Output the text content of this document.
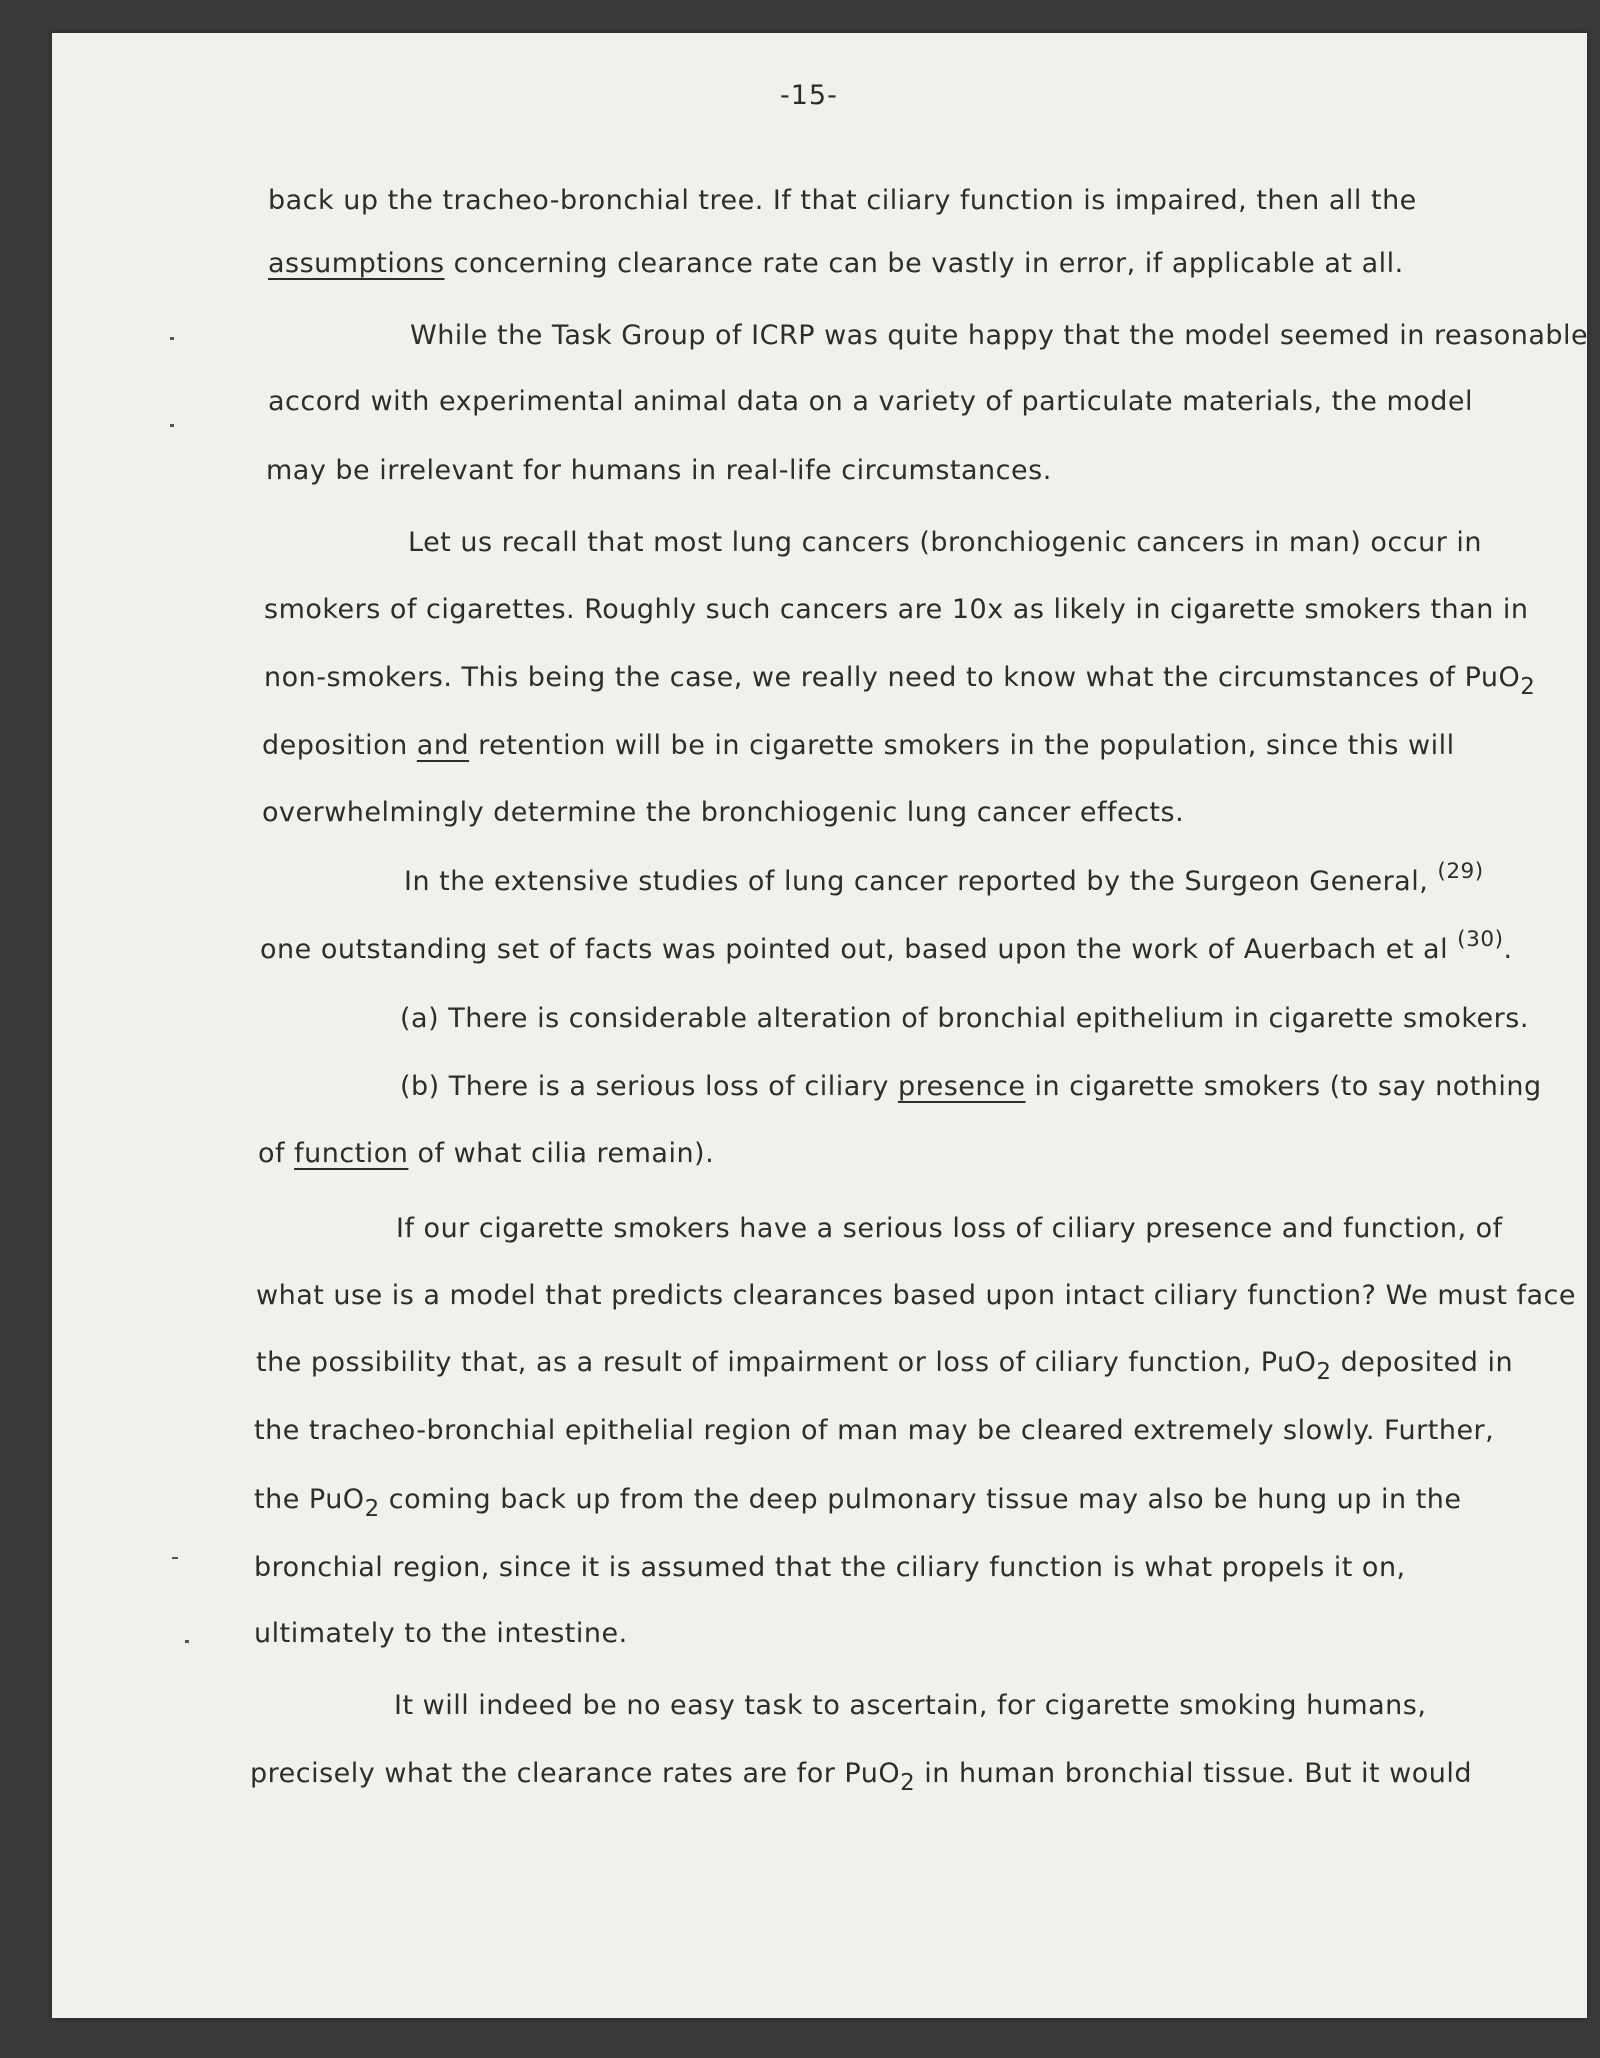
-15-
back up the tracheo-bronchial tree. If that ciliary function is impaired, then all the
assumptions concerning clearance rate can be vastly in error, if applicable at all.
While the Task Group of ICRP was quite happy that the model seemed in reasonable
accord with experimental animal data on a variety of particulate materials, the model
may be irrelevant for humans in real-life circumstances.
Let us recall that most lung cancers (bronchiogenic cancers in man) occur in
smokers of cigarettes. Roughly such cancers are 10x as likely in cigarette smokers than in
non-smokers. This being the case, we really need to know what the circumstances of PuO$_2$
deposition and retention will be in cigarette smokers in the population, since this will
overwhelmingly determine the bronchiogenic lung cancer effects.
In the extensive studies of lung cancer reported by the Surgeon General, $^{(29)}$
one outstanding set of facts was pointed out, based upon the work of Auerbach et al $^{(30)}$.
(a) There is considerable alteration of bronchial epithelium in cigarette smokers.
(b) There is a serious loss of ciliary presence in cigarette smokers (to say nothing
of function of what cilia remain).
If our cigarette smokers have a serious loss of ciliary presence and function, of
what use is a model that predicts clearances based upon intact ciliary function? We must face
the possibility that, as a result of impairment or loss of ciliary function, PuO$_2$ deposited in
the tracheo-bronchial epithelial region of man may be cleared extremely slowly. Further,
the PuO$_2$ coming back up from the deep pulmonary tissue may also be hung up in the
bronchial region, since it is assumed that the ciliary function is what propels it on,
ultimately to the intestine.
It will indeed be no easy task to ascertain, for cigarette smoking humans,
precisely what the clearance rates are for PuO$_2$ in human bronchial tissue. But it would
